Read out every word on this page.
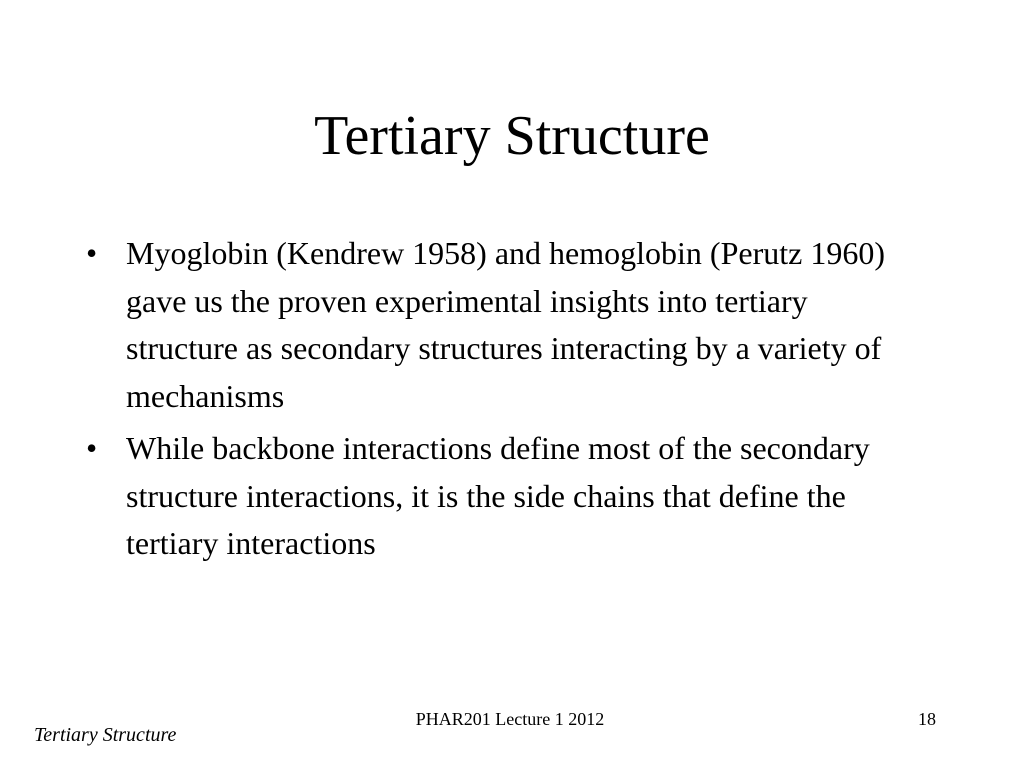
Tertiary Structure
• Myoglobin (Kendrew 1958) and hemoglobin (Perutz 1960) gave us the proven experimental insights into tertiary structure as secondary structures interacting by a variety of mechanisms
• While backbone interactions define most of the secondary structure interactions, it is the side chains that define the tertiary interactions
PHAR201 Lecture 1 2012	18
Tertiary Structure
